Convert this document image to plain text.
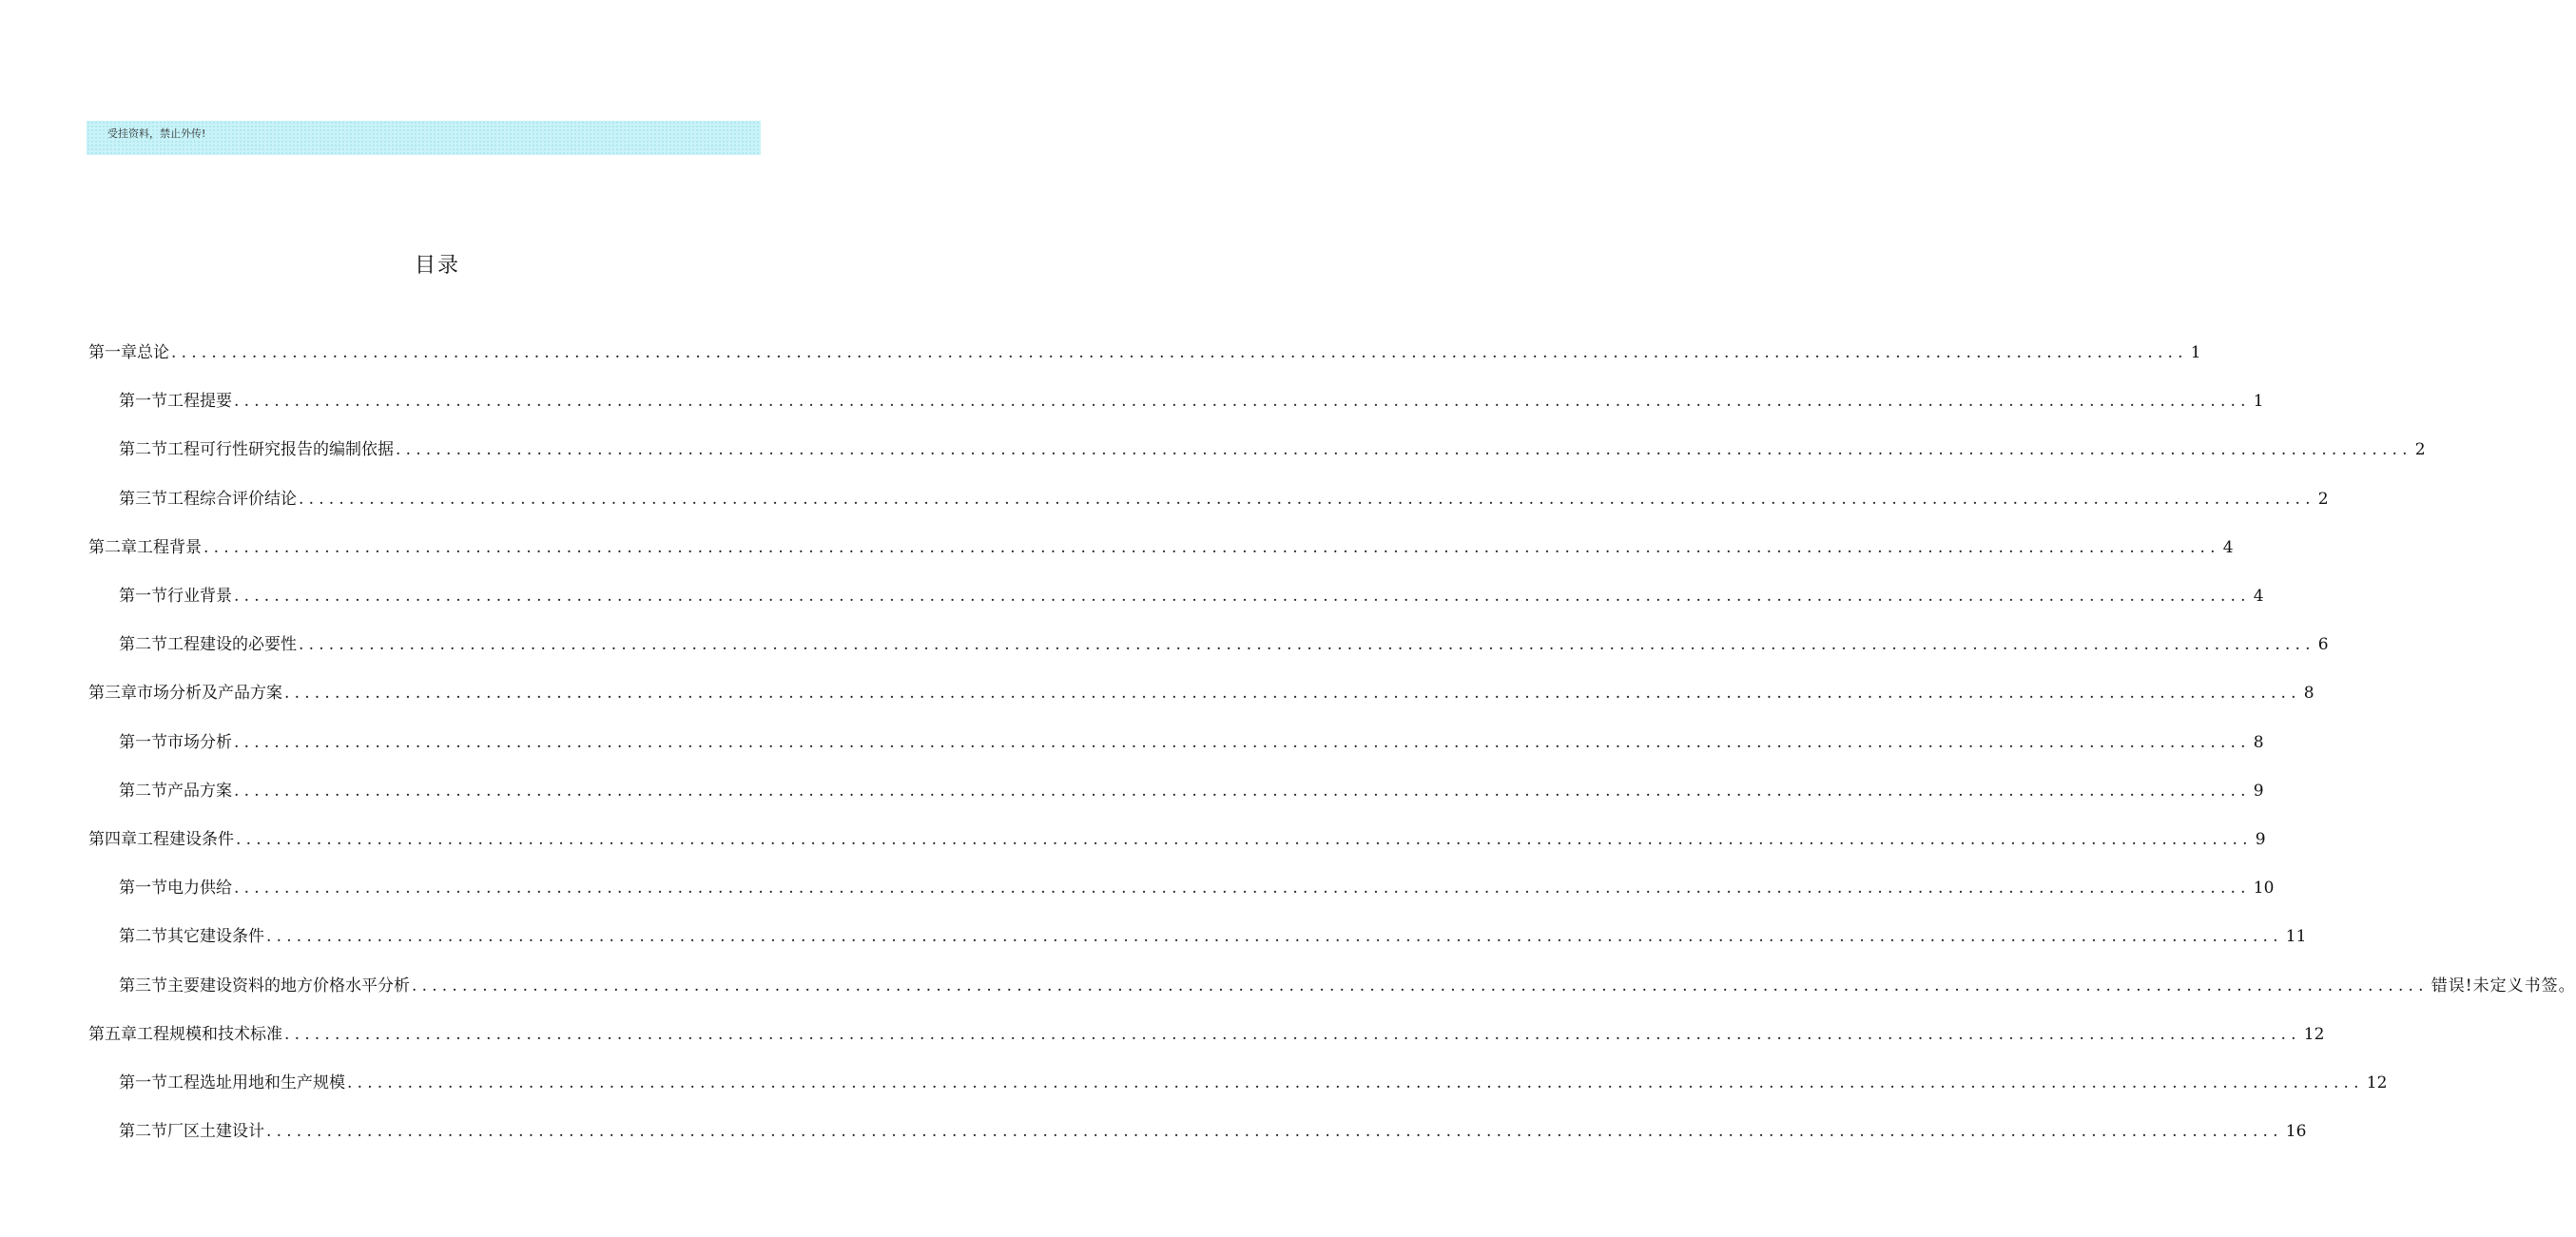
受挂资料，禁止外传!
目录
第一章总论 ........................................................................................................................................................................................................ 1
第一节工程提要 ........................................................................................................................................................................................................ 1
第二节工程可行性研究报告的编制依据 ........................................................................................................................................................................................................ 2
第三节工程综合评价结论 ........................................................................................................................................................................................................ 2
第二章工程背景 ........................................................................................................................................................................................................ 4
第一节行业背景 ........................................................................................................................................................................................................ 4
第二节工程建设的必要性 ........................................................................................................................................................................................................ 6
第三章市场分析及产品方案 ........................................................................................................................................................................................................ 8
第一节市场分析 ........................................................................................................................................................................................................ 8
第二节产品方案 ........................................................................................................................................................................................................ 9
第四章工程建设条件 ........................................................................................................................................................................................................ 9
第一节电力供给 ........................................................................................................................................................................................................ 10
第二节其它建设条件 ........................................................................................................................................................................................................ 11
第三节主要建设资料的地方价格水平分析 ........................................................................................................................................................................................................ 错误!未定义书签。
第五章工程规模和技术标准 ........................................................................................................................................................................................................ 12
第一节工程选址用地和生产规模 ........................................................................................................................................................................................................ 12
第二节厂区土建设计 ........................................................................................................................................................................................................ 16
